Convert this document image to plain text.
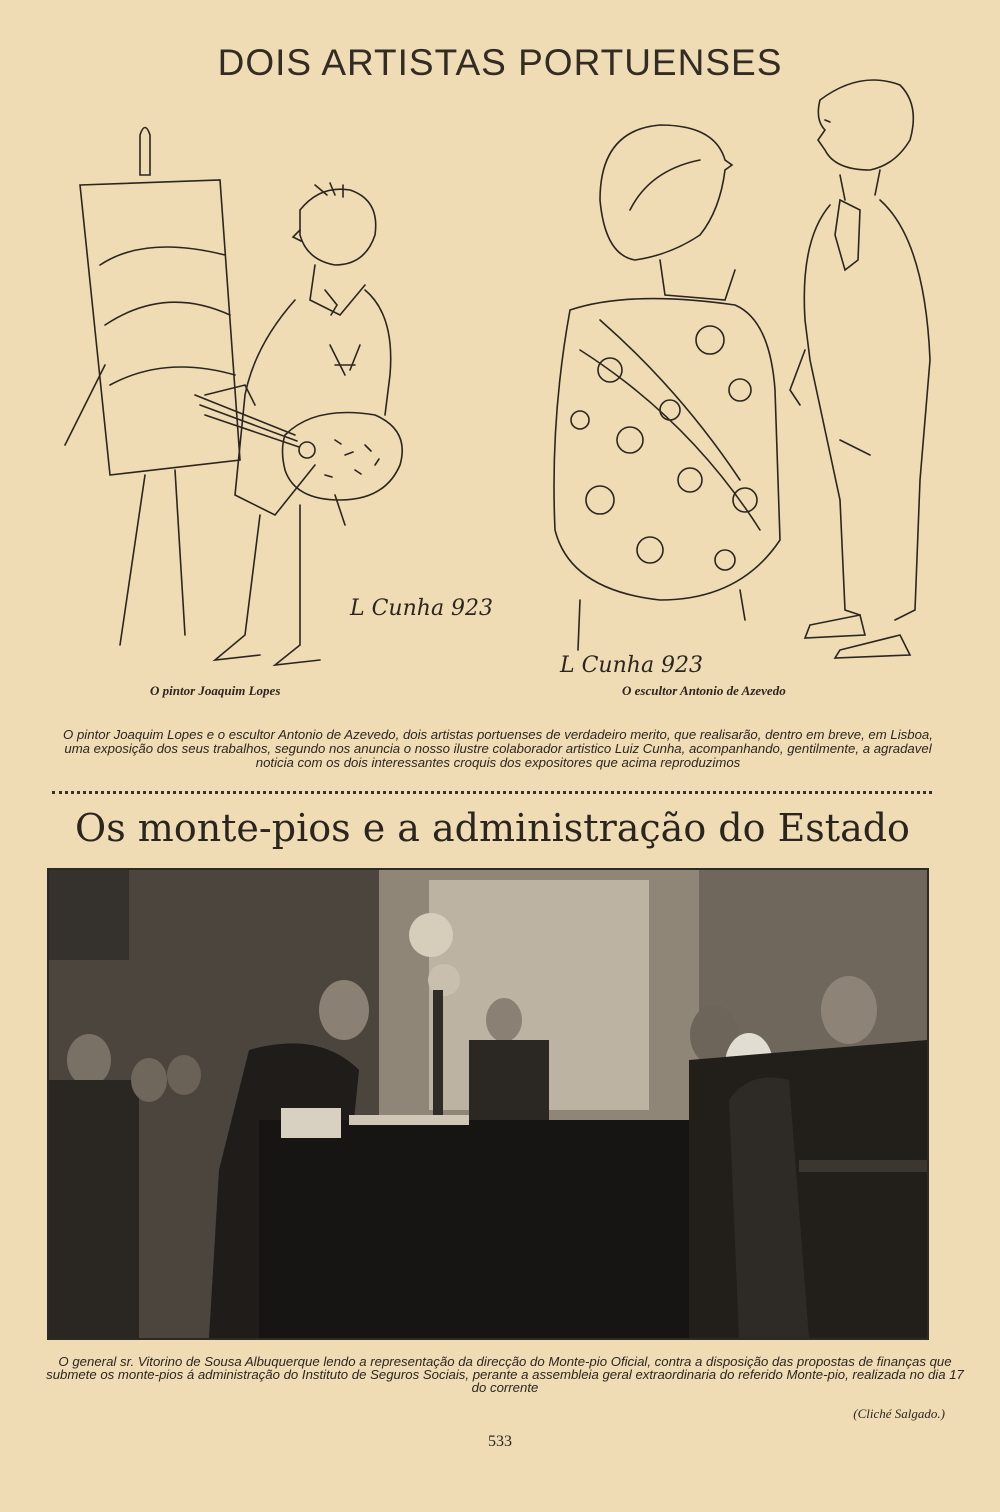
DOIS ARTISTAS PORTUENSES
L Cunha 923
L Cunha 923
O pintor Joaquim Lopes	O escultor Antonio de Azevedo
O pintor Joaquim Lopes e o escultor Antonio de Azevedo, dois artistas portuenses de verdadeiro merito, que realisarão, dentro em breve, em Lisboa, uma exposição dos seus trabalhos, segundo nos anuncia o nosso ilustre colaborador artistico Luiz Cunha, acompanhando, gentilmente, a agradavel noticia com os dois interessantes croquis dos expositores que acima reproduzimos
Os monte-pios e a administração do Estado
O general sr. Vitorino de Sousa Albuquerque lendo a representação da direcção do Monte-pio Oficial, contra a disposição das propostas de finanças que submete os monte-pios á administração do Instituto de Seguros Sociais, perante a assembleia geral extraordinaria do referido Monte-pio, realizada no dia 17 do corrente
(Cliché Salgado.)
533
